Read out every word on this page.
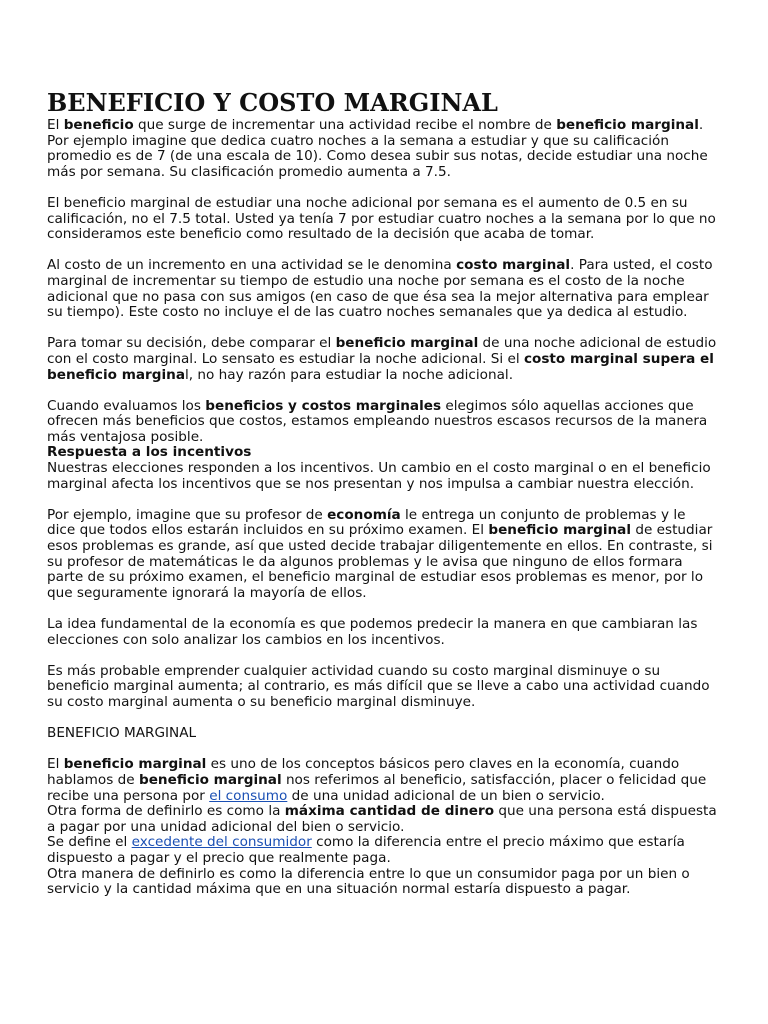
BENEFICIO Y COSTO MARGINAL

El beneficio que surge de incrementar una actividad recibe el nombre de beneficio marginal. Por ejemplo imagine que dedica cuatro noches a la semana a estudiar y que su calificación promedio es de 7 (de una escala de 10). Como desea subir sus notas, decide estudiar una noche más por semana. Su clasificación promedio aumenta a 7.5.

El beneficio marginal de estudiar una noche adicional por semana es el aumento de 0.5 en su calificación, no el 7.5 total. Usted ya tenía 7 por estudiar cuatro noches a la semana por lo que no consideramos este beneficio como resultado de la decisión que acaba de tomar.

Al costo de un incremento en una actividad se le denomina costo marginal. Para usted, el costo marginal de incrementar su tiempo de estudio una noche por semana es el costo de la noche adicional que no pasa con sus amigos (en caso de que ésa sea la mejor alternativa para emplear su tiempo). Este costo no incluye el de las cuatro noches semanales que ya dedica al estudio.

Para tomar su decisión, debe comparar el beneficio marginal de una noche adicional de estudio con el costo marginal. Lo sensato es estudiar la noche adicional. Si el costo marginal supera el beneficio marginal, no hay razón para estudiar la noche adicional.

Cuando evaluamos los beneficios y costos marginales elegimos sólo aquellas acciones que ofrecen más beneficios que costos, estamos empleando nuestros escasos recursos de la manera más ventajosa posible.

Respuesta a los incentivos

Nuestras elecciones responden a los incentivos. Un cambio en el costo marginal o en el beneficio marginal afecta los incentivos que se nos presentan y nos impulsa a cambiar nuestra elección.

Por ejemplo, imagine que su profesor de economía le entrega un conjunto de problemas y le dice que todos ellos estarán incluidos en su próximo examen. El beneficio marginal de estudiar esos problemas es grande, así que usted decide trabajar diligentemente en ellos. En contraste, si su profesor de matemáticas le da algunos problemas y le avisa que ninguno de ellos formara parte de su próximo examen, el beneficio marginal de estudiar esos problemas es menor, por lo que seguramente ignorará la mayoría de ellos.

La idea fundamental de la economía es que podemos predecir la manera en que cambiaran las elecciones con solo analizar los cambios en los incentivos.

Es más probable emprender cualquier actividad cuando su costo marginal disminuye o su beneficio marginal aumenta; al contrario, es más difícil que se lleve a cabo una actividad cuando su costo marginal aumenta o su beneficio marginal disminuye.

BENEFICIO MARGINAL

El beneficio marginal es uno de los conceptos básicos pero claves en la economía, cuando hablamos de beneficio marginal nos referimos al beneficio, satisfacción, placer o felicidad que recibe una persona por el consumo de una unidad adicional de un bien o servicio.

Otra forma de definirlo es como la máxima cantidad de dinero que una persona está dispuesta a pagar por una unidad adicional del bien o servicio.

Se define el excedente del consumidor como la diferencia entre el precio máximo que estaría dispuesto a pagar y el precio que realmente paga.

Otra manera de definirlo es como la diferencia entre lo que un consumidor paga por un bien o servicio y la cantidad máxima que en una situación normal estaría dispuesto a pagar.
